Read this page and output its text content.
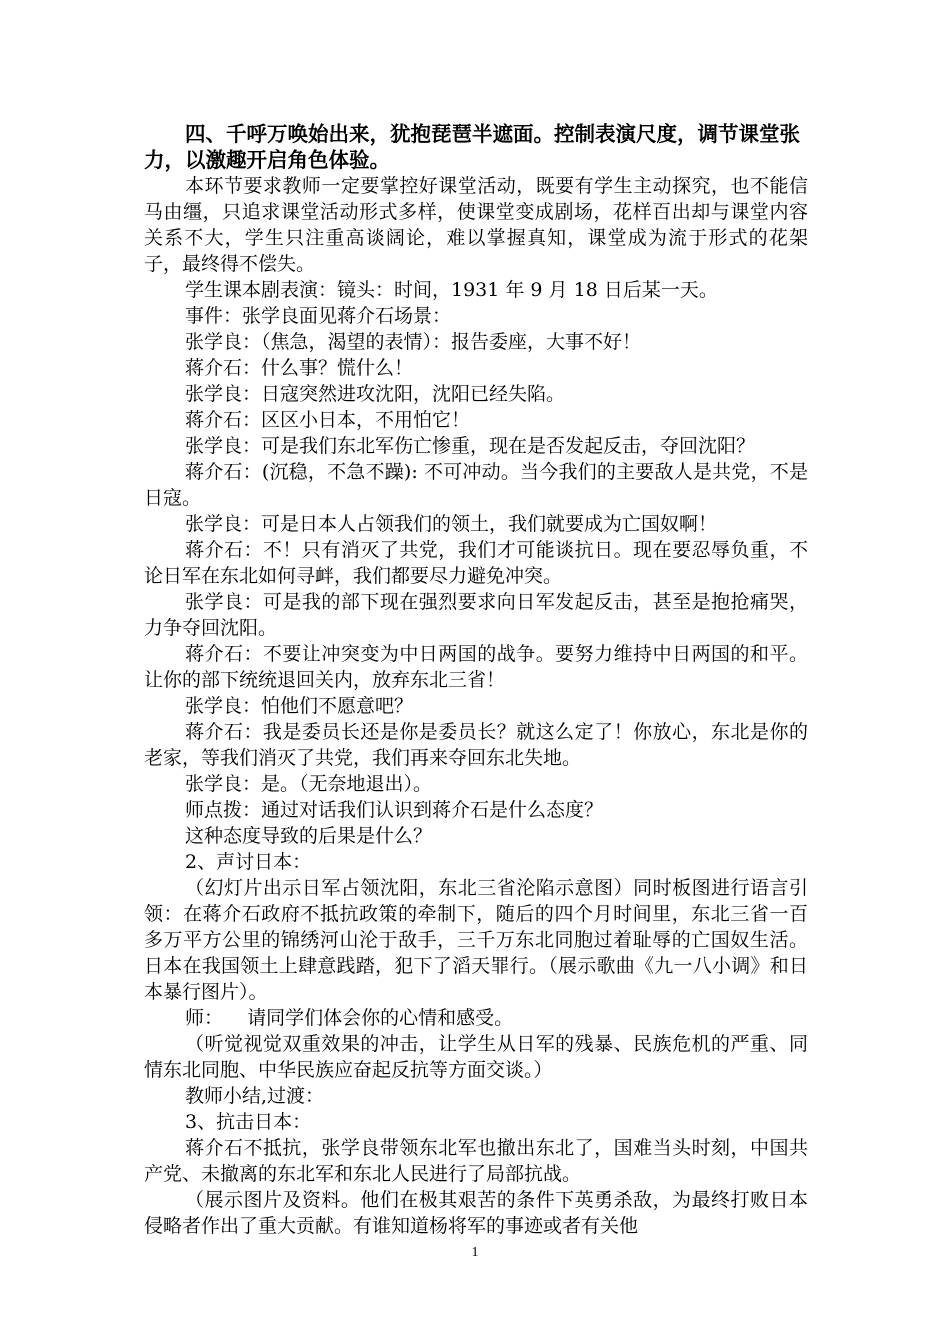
四、千呼万唤始出来，犹抱琵琶半遮面。控制表演尺度，调节课堂张力，以激趣开启角色体验。

本环节要求教师一定要掌控好课堂活动，既要有学生主动探究，也不能信马由缰，只追求课堂活动形式多样，使课堂变成剧场，花样百出却与课堂内容关系不大，学生只注重高谈阔论，难以掌握真知，课堂成为流于形式的花架子，最终得不偿失。

学生课本剧表演：镜头：时间，1931 年 9 月 18 日后某一天。

事件：张学良面见蒋介石场景：

张学良：（焦急，渴望的表情）：报告委座，大事不好！

蒋介石：什么事？慌什么！

张学良：日寇突然进攻沈阳，沈阳已经失陷。

蒋介石：区区小日本，不用怕它！

张学良：可是我们东北军伤亡惨重，现在是否发起反击，夺回沈阳？

蒋介石：(沉稳，不急不躁): 不可冲动。当今我们的主要敌人是共党，不是日寇。

张学良：可是日本人占领我们的领土，我们就要成为亡国奴啊！

蒋介石：不！只有消灭了共党，我们才可能谈抗日。现在要忍辱负重，不论日军在东北如何寻衅，我们都要尽力避免冲突。

张学良：可是我的部下现在强烈要求向日军发起反击，甚至是抱抢痛哭，力争夺回沈阳。

蒋介石：不要让冲突变为中日两国的战争。要努力维持中日两国的和平。让你的部下统统退回关内，放弃东北三省！

张学良：怕他们不愿意吧？

蒋介石：我是委员长还是你是委员长？就这么定了！你放心，东北是你的老家，等我们消灭了共党，我们再来夺回东北失地。

张学良：是。（无奈地退出）。

师点拨：通过对话我们认识到蒋介石是什么态度？

这种态度导致的后果是什么？

2、声讨日本：

（幻灯片出示日军占领沈阳，东北三省沦陷示意图）同时板图进行语言引领：在蒋介石政府不抵抗政策的牵制下，随后的四个月时间里，东北三省一百多万平方公里的锦绣河山沦于敌手，三千万东北同胞过着耻辱的亡国奴生活。日本在我国领土上肆意践踏，犯下了滔天罪行。（展示歌曲《九一八小调》和日本暴行图片）。

师：    请同学们体会你的心情和感受。

（听觉视觉双重效果的冲击，让学生从日军的残暴、民族危机的严重、同情东北同胞、中华民族应奋起反抗等方面交谈。）

教师小结,过渡：

3、抗击日本：

蒋介石不抵抗，张学良带领东北军也撤出东北了，国难当头时刻，中国共产党、未撤离的东北军和东北人民进行了局部抗战。

（展示图片及资料。他们在极其艰苦的条件下英勇杀敌，为最终打败日本侵略者作出了重大贡献。有谁知道杨将军的事迹或者有关他

1
